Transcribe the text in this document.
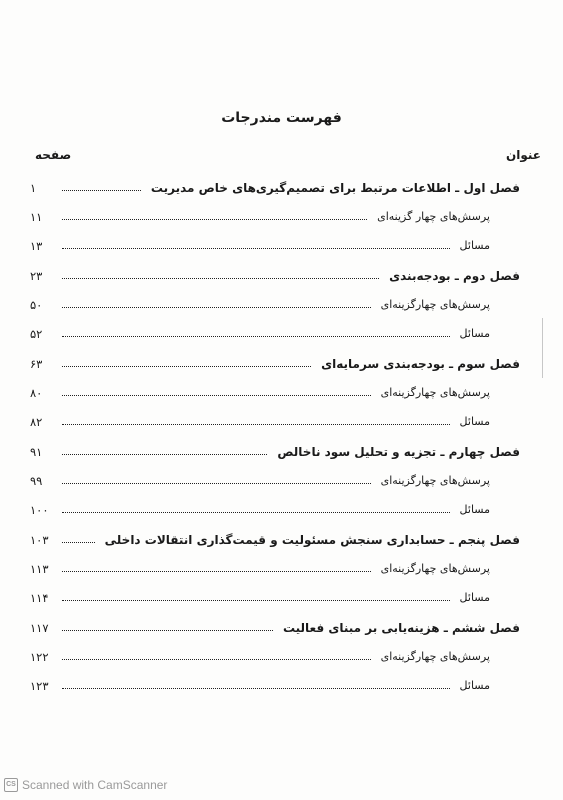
فهرست مندرجات
عنوان
صفحه
فصل اول ـ اطلاعات مرتبط برای تصمیم‌گیری‌های خاص مدیریت
۱
پرسش‌های چهار گزینه‌ای
۱۱
مسائل
۱۳
فصل دوم ـ بودجه‌بندی
۲۳
پرسش‌های چهارگزینه‌ای
۵۰
مسائل
۵۲
فصل سوم ـ بودجه‌بندی سرمایه‌ای
۶۳
پرسش‌های چهارگزینه‌ای
۸۰
مسائل
۸۲
فصل چهارم ـ تجزیه و تحلیل سود ناخالص
۹۱
پرسش‌های چهارگزینه‌ای
۹۹
مسائل
۱۰۰
فصل پنجم ـ حسابداری سنجش مسئولیت و قیمت‌گذاری انتقالات داخلی
۱۰۳
پرسش‌های چهارگزینه‌ای
۱۱۳
مسائل
۱۱۴
فصل ششم ـ هزینه‌یابی بر مبنای فعالیت
۱۱۷
پرسش‌های چهارگزینه‌ای
۱۲۲
مسائل
۱۲۳
CS Scanned with CamScanner
